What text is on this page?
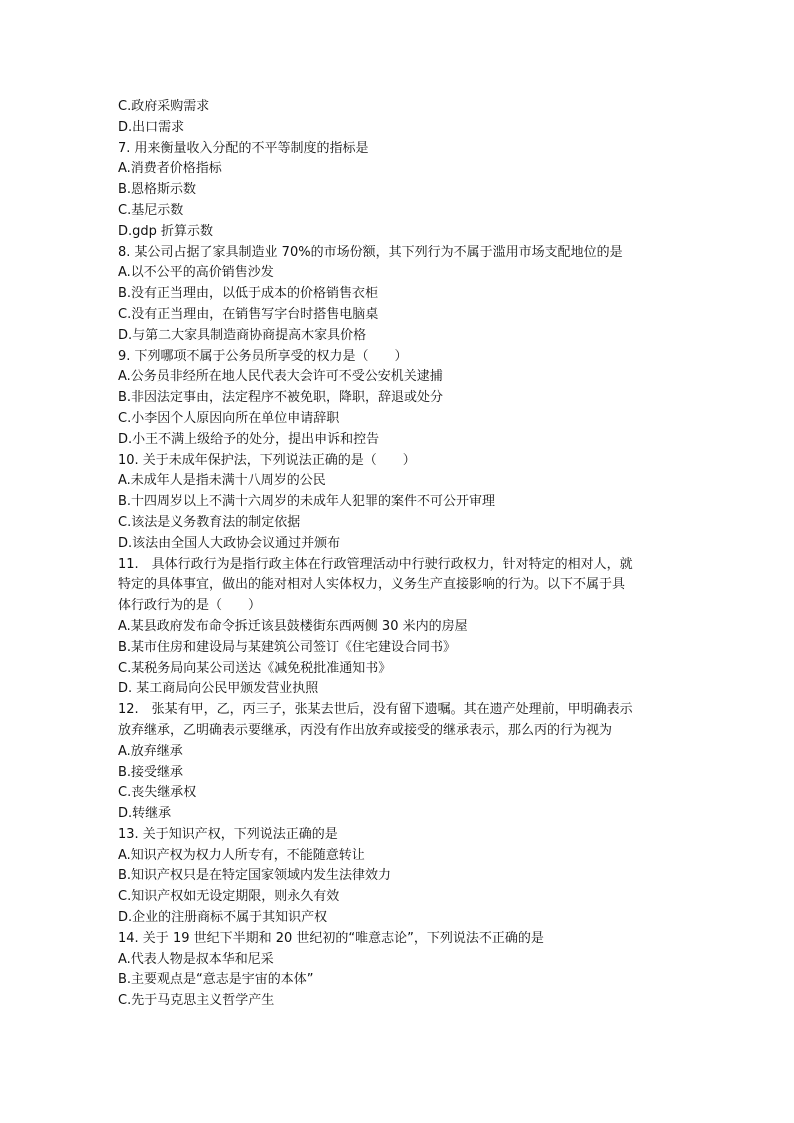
C.政府采购需求
D.出口需求
7. 用来衡量收入分配的不平等制度的指标是
A.消费者价格指标
B.恩格斯示数
C.基尼示数
D.gdp 折算示数
8. 某公司占据了家具制造业 70%的市场份额，其下列行为不属于滥用市场支配地位的是
A.以不公平的高价销售沙发
B.没有正当理由，以低于成本的价格销售衣柜
C.没有正当理由，在销售写字台时搭售电脑桌
D.与第二大家具制造商协商提高木家具价格
9. 下列哪项不属于公务员所享受的权力是（　　）
A.公务员非经所在地人民代表大会许可不受公安机关逮捕
B.非因法定事由，法定程序不被免职，降职，辞退或处分
C.小李因个人原因向所在单位申请辞职
D.小王不满上级给予的处分，提出申诉和控告
10. 关于未成年保护法，下列说法正确的是（　　）
A.未成年人是指未满十八周岁的公民
B.十四周岁以上不满十六周岁的未成年人犯罪的案件不可公开审理
C.该法是义务教育法的制定依据
D.该法由全国人大政协会议通过并颁布
11.　具体行政行为是指行政主体在行政管理活动中行驶行政权力，针对特定的相对人，就
特定的具体事宜，做出的能对相对人实体权力，义务生产直接影响的行为。以下不属于具
体行政行为的是（　　）
A.某县政府发布命令拆迁该县鼓楼街东西两侧 30 米内的房屋
B.某市住房和建设局与某建筑公司签订《住宅建设合同书》
C.某税务局向某公司送达《减免税批准通知书》
D. 某工商局向公民甲颁发营业执照
12.　张某有甲，乙，丙三子，张某去世后，没有留下遗嘱。其在遗产处理前，甲明确表示
放弃继承，乙明确表示要继承，丙没有作出放弃或接受的继承表示，那么丙的行为视为
A.放弃继承
B.接受继承
C.丧失继承权
D.转继承
13. 关于知识产权，下列说法正确的是
A.知识产权为权力人所专有，不能随意转让
B.知识产权只是在特定国家领域内发生法律效力
C.知识产权如无设定期限，则永久有效
D.企业的注册商标不属于其知识产权
14. 关于 19 世纪下半期和 20 世纪初的“唯意志论”，下列说法不正确的是
A.代表人物是叔本华和尼采
B.主要观点是“意志是宇宙的本体”
C.先于马克思主义哲学产生
